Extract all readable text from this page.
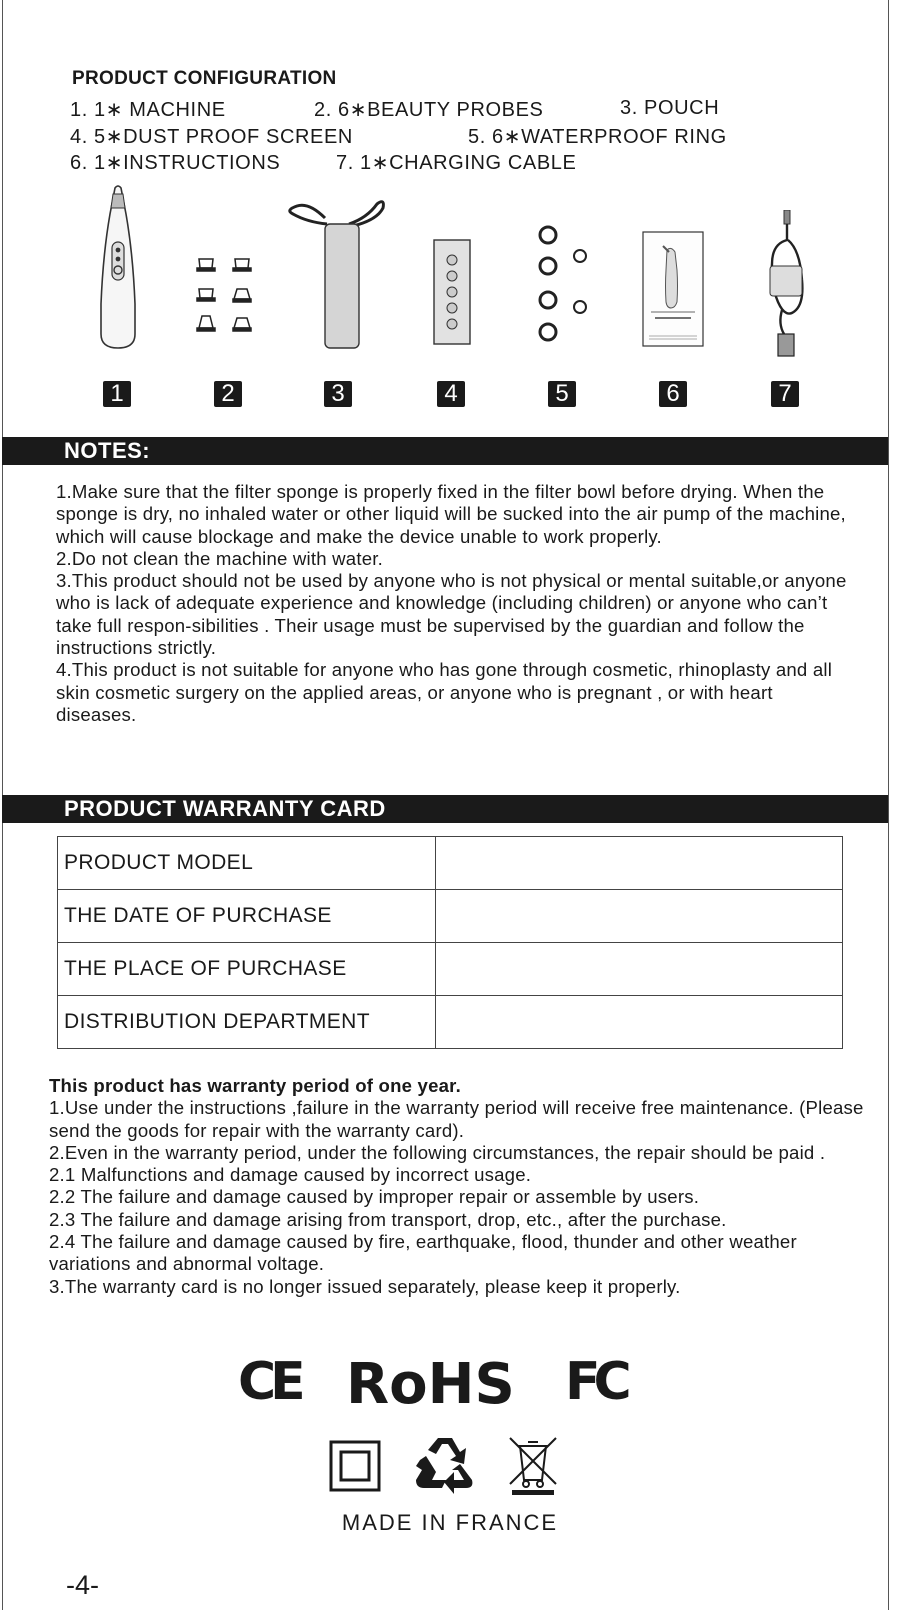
PRODUCT CONFIGURATION
1. 1∗ MACHINE	2. 6∗BEAUTY PROBES	3. POUCH
4. 5∗DUST PROOF SCREEN	5. 6∗WATERPROOF RING
6. 1∗INSTRUCTIONS	7. 1∗CHARGING CABLE
1	2	3	4	5	6	7
NOTES:

1.Make sure that the filter sponge is properly fixed in the filter bowl before drying. When the sponge is dry, no inhaled water or other liquid will be sucked into the air pump of the machine, which will cause blockage and make the device unable to work properly.

2.Do not clean the machine with water.

3.This product should not be used by anyone who is not physical or mental suitable,or anyone who is lack of adequate experience and knowledge (including children) or anyone who can’t take full respon-sibilities . Their usage must be supervised by the guardian and follow the instructions strictly.

4.This product is not suitable for anyone who has gone through cosmetic, rhinoplasty and all skin cosmetic surgery on the applied areas, or anyone who is pregnant , or with heart diseases.

PRODUCT WARRANTY CARD
PRODUCT MODEL	
THE DATE OF PURCHASE	
THE PLACE OF PURCHASE	
DISTRIBUTION DEPARTMENT	

This product has warranty period of one year.

1.Use under the instructions ,failure in the warranty period will receive free maintenance. (Please send the goods for repair with the warranty card).

2.Even in the warranty period, under the following circumstances, the repair should be paid .

2.1 Malfunctions and damage caused by incorrect usage.

2.2 The failure and damage caused by improper repair or assemble by users.

2.3 The failure and damage arising from transport, drop, etc., after the purchase.

2.4 The failure and damage caused by fire, earthquake, flood, thunder and other weather variations and abnormal voltage.

3.The warranty card is no longer issued separately, please keep it properly.

CE RoHS FC
MADE IN FRANCE
-4-
